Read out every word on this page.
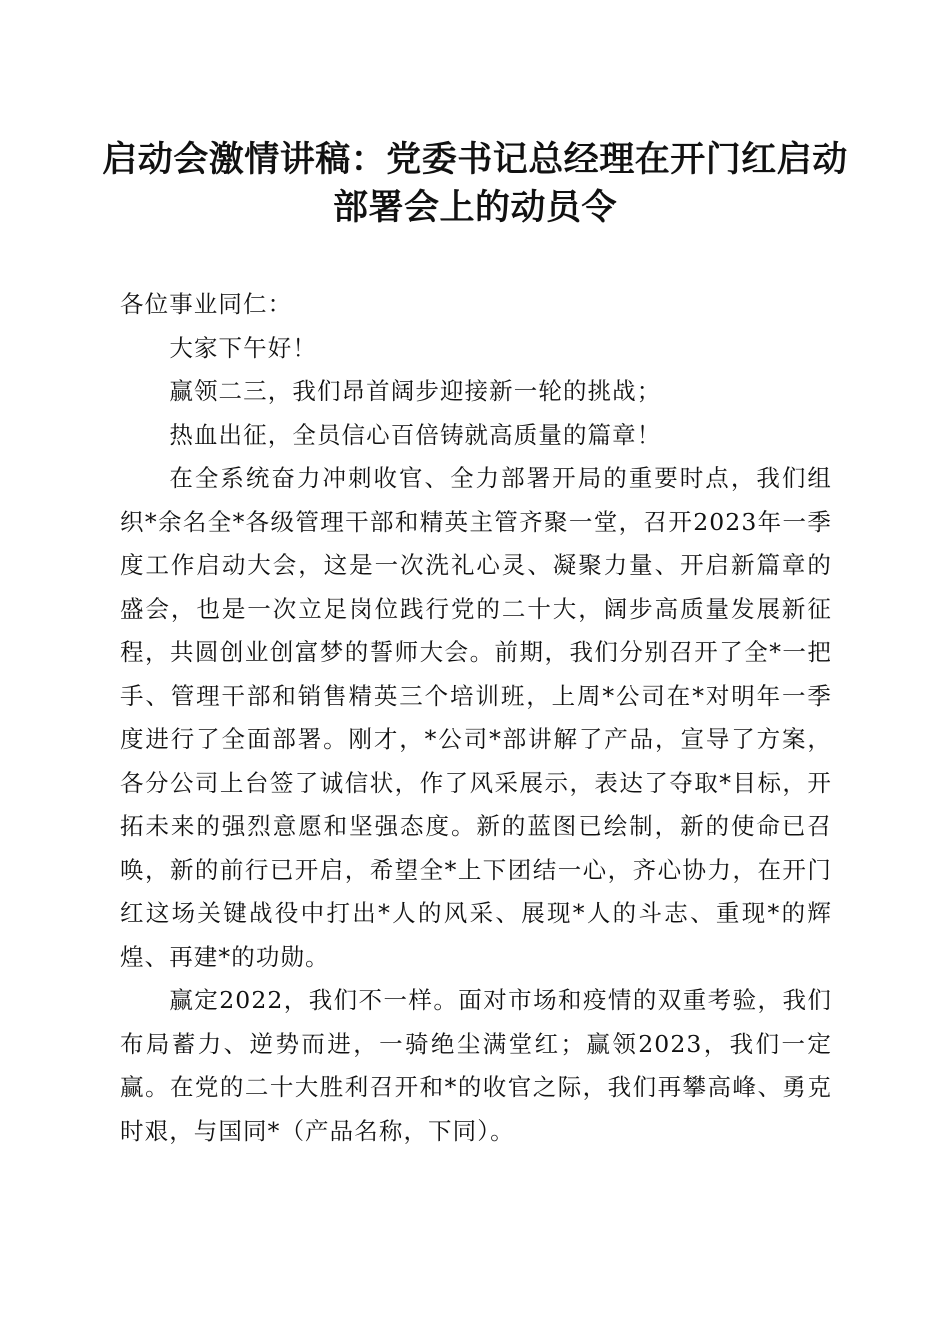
启动会激情讲稿：党委书记总经理在开门红启动部署会上的动员令

各位事业同仁：

大家下午好！

赢领二三，我们昂首阔步迎接新一轮的挑战；

热血出征，全员信心百倍铸就高质量的篇章！

在全系统奋力冲刺收官、全力部署开局的重要时点，我们组织*余名全*各级管理干部和精英主管齐聚一堂，召开2023年一季度工作启动大会，这是一次洗礼心灵、凝聚力量、开启新篇章的盛会，也是一次立足岗位践行党的二十大，阔步高质量发展新征程，共圆创业创富梦的誓师大会。前期，我们分别召开了全*一把手、管理干部和销售精英三个培训班，上周*公司在*对明年一季度进行了全面部署。刚才，*公司*部讲解了产品，宣导了方案，各分公司上台签了诚信状，作了风采展示，表达了夺取*目标，开拓未来的强烈意愿和坚强态度。新的蓝图已绘制，新的使命已召唤，新的前行已开启，希望全*上下团结一心，齐心协力，在开门红这场关键战役中打出*人的风采、展现*人的斗志、重现*的辉煌、再建*的功勋。

赢定2022，我们不一样。面对市场和疫情的双重考验，我们布局蓄力、逆势而进，一骑绝尘满堂红；赢领2023，我们一定赢。在党的二十大胜利召开和*的收官之际，我们再攀高峰、勇克时艰，与国同*（产品名称，下同）。
